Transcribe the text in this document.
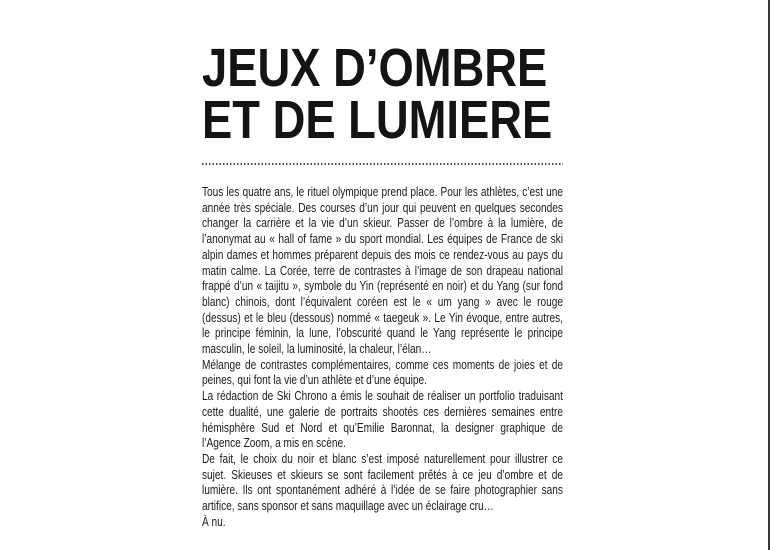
JEUX D’OMBRE
ET DE LUMIERE

Tous les quatre ans, le rituel olympique prend place. Pour les athlètes, c’est une année très spéciale. Des courses d’un jour qui peuvent en quelques secondes changer la carrière et la vie d’un skieur. Passer de l’ombre à la lumière, de l’anonymat au « hall of fame » du sport mondial. Les équipes de France de ski alpin dames et hommes préparent depuis des mois ce rendez-vous au pays du matin calme. La Corée, terre de contrastes à l’image de son drapeau national frappé d’un « taijitu », symbole du Yin (représenté en noir) et du Yang (sur fond blanc) chinois, dont l’équivalent coréen est le « um yang » avec le rouge (dessus) et le bleu (dessous) nommé « taegeuk ». Le Yin évoque, entre autres, le principe féminin, la lune, l’obscurité quand le Yang représente le principe masculin, le soleil, la luminosité, la chaleur, l’élan…

Mélange de contrastes complémentaires, comme ces moments de joies et de peines, qui font la vie d’un athlète et d’une équipe.

La rédaction de Ski Chrono a émis le souhait de réaliser un portfolio traduisant cette dualité, une galerie de portraits shootés ces dernières semaines entre hémisphère Sud et Nord et qu’Emilie Baronnat, la designer graphique de l’Agence Zoom, a mis en scène.

De fait, le choix du noir et blanc s’est imposé naturellement pour illustrer ce sujet. Skieuses et skieurs se sont facilement prêtés à ce jeu d’ombre et de lumière. Ils ont spontanément adhéré à l’idée de se faire photographier sans artifice, sans sponsor et sans maquillage avec un éclairage cru…

À nu.
